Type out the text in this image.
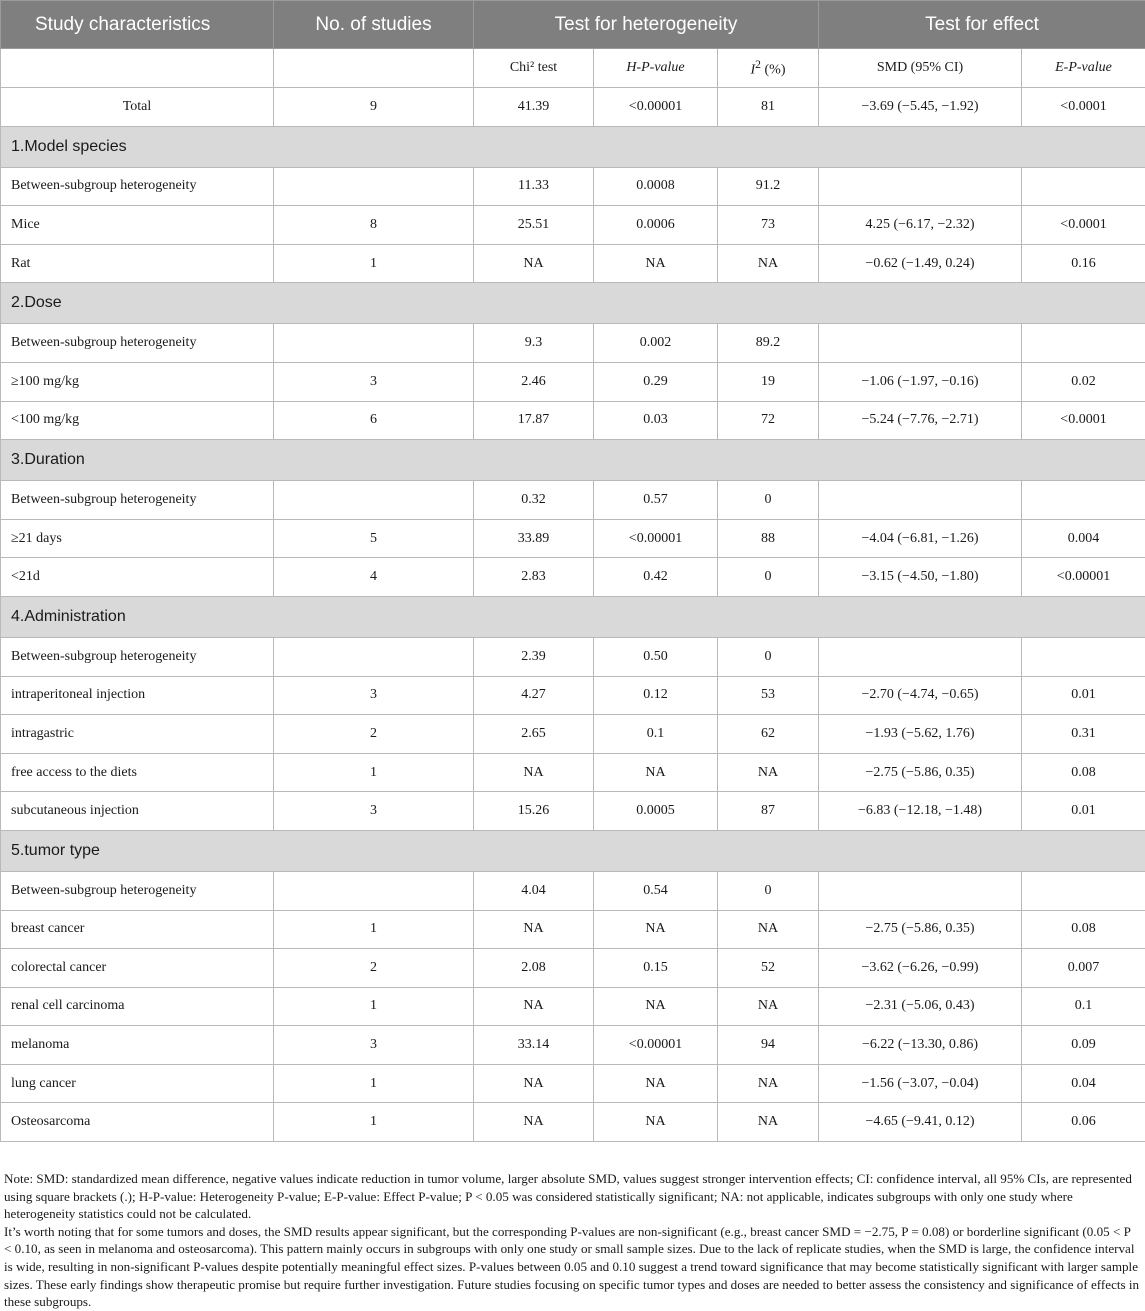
Study characteristics	No. of studies	Test for heterogeneity			Test for effect	
		Chi² test	H-P-value	$I^2$ (%)	SMD (95% CI)	E-P-value
Total	9	41.39	<0.00001	81	−3.69 (−5.45, −1.92)	<0.0001
1.Model species						
Between-subgroup heterogeneity		11.33	0.0008	91.2		
Mice	8	25.51	0.0006	73	4.25 (−6.17, −2.32)	<0.0001
Rat	1	NA	NA	NA	−0.62 (−1.49, 0.24)	0.16
2.Dose						
Between-subgroup heterogeneity		9.3	0.002	89.2		
≥100 mg/kg	3	2.46	0.29	19	−1.06 (−1.97, −0.16)	0.02
<100 mg/kg	6	17.87	0.03	72	−5.24 (−7.76, −2.71)	<0.0001
3.Duration						
Between-subgroup heterogeneity		0.32	0.57	0		
≥21 days	5	33.89	<0.00001	88	−4.04 (−6.81, −1.26)	0.004
<21d	4	2.83	0.42	0	−3.15 (−4.50, −1.80)	<0.00001
4.Administration						
Between-subgroup heterogeneity		2.39	0.50	0		
intraperitoneal injection	3	4.27	0.12	53	−2.70 (−4.74, −0.65)	0.01
intragastric	2	2.65	0.1	62	−1.93 (−5.62, 1.76)	0.31
free access to the diets	1	NA	NA	NA	−2.75 (−5.86, 0.35)	0.08
subcutaneous injection	3	15.26	0.0005	87	−6.83 (−12.18, −1.48)	0.01
5.tumor type						
Between-subgroup heterogeneity		4.04	0.54	0		
breast cancer	1	NA	NA	NA	−2.75 (−5.86, 0.35)	0.08
colorectal cancer	2	2.08	0.15	52	−3.62 (−6.26, −0.99)	0.007
renal cell carcinoma	1	NA	NA	NA	−2.31 (−5.06, 0.43)	0.1
melanoma	3	33.14	<0.00001	94	−6.22 (−13.30, 0.86)	0.09
lung cancer	1	NA	NA	NA	−1.56 (−3.07, −0.04)	0.04
Osteosarcoma	1	NA	NA	NA	−4.65 (−9.41, 0.12)	0.06

Note: SMD: standardized mean difference, negative values indicate reduction in tumor volume, larger absolute SMD, values suggest stronger intervention effects; CI: confidence interval, all 95% CIs, are represented using square brackets (.); H-P-value: Heterogeneity P-value; E-P-value: Effect P-value; P < 0.05 was considered statistically significant; NA: not applicable, indicates subgroups with only one study where heterogeneity statistics could not be calculated.

It’s worth noting that for some tumors and doses, the SMD results appear significant, but the corresponding P-values are non-significant (e.g., breast cancer SMD = −2.75, P = 0.08) or borderline significant (0.05 < P < 0.10, as seen in melanoma and osteosarcoma). This pattern mainly occurs in subgroups with only one study or small sample sizes. Due to the lack of replicate studies, when the SMD is large, the confidence interval is wide, resulting in non-significant P-values despite potentially meaningful effect sizes. P-values between 0.05 and 0.10 suggest a trend toward significance that may become statistically significant with larger sample sizes. These early findings show therapeutic promise but require further investigation. Future studies focusing on specific tumor types and doses are needed to better assess the consistency and significance of effects in these subgroups.
